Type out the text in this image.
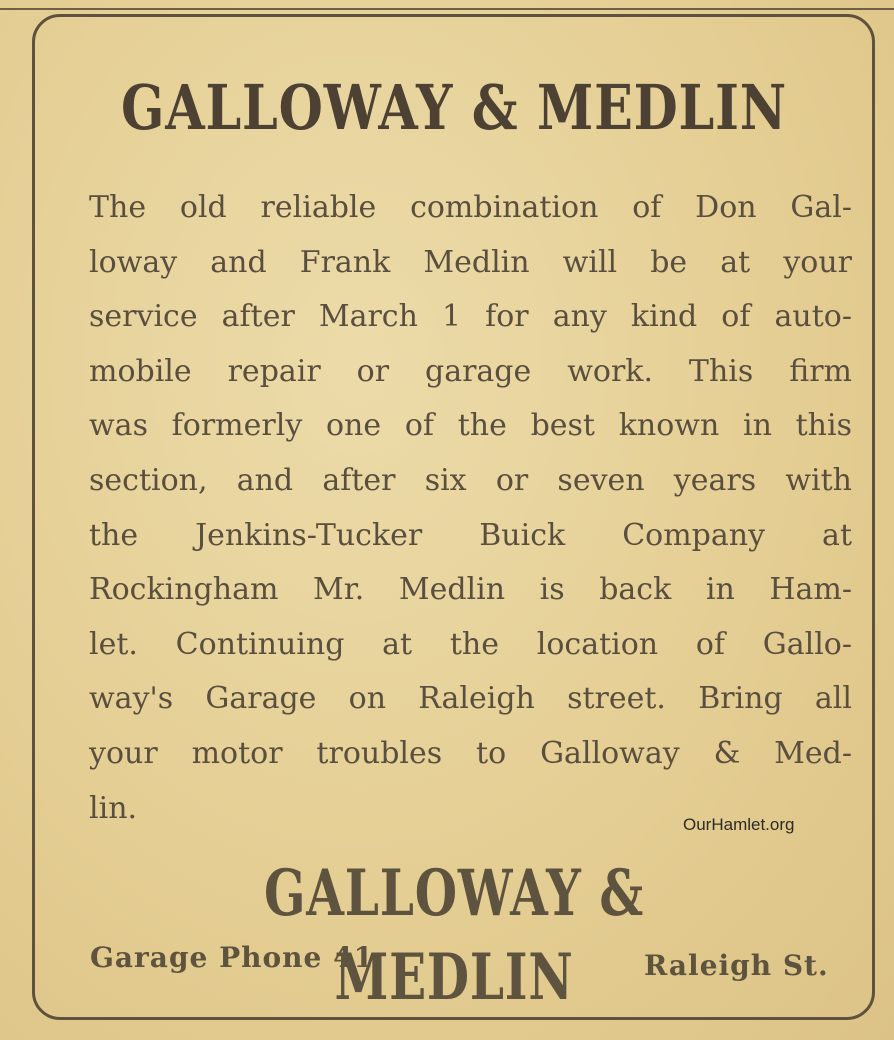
GALLOWAY & MEDLIN
The old reliable combination of Don Gal-
loway and Frank Medlin will be at your
service after March 1 for any kind of auto-
mobile repair or garage work. This firm
was formerly one of the best known in this
section, and after six or seven years with
the Jenkins-Tucker Buick Company at
Rockingham Mr. Medlin is back in Ham-
let. Continuing at the location of Gallo-
way's Garage on Raleigh street. Bring all
your motor troubles to Galloway & Med-
lin.	OurHamlet.org
GALLOWAY & MEDLIN
Garage Phone 41	Raleigh St.
